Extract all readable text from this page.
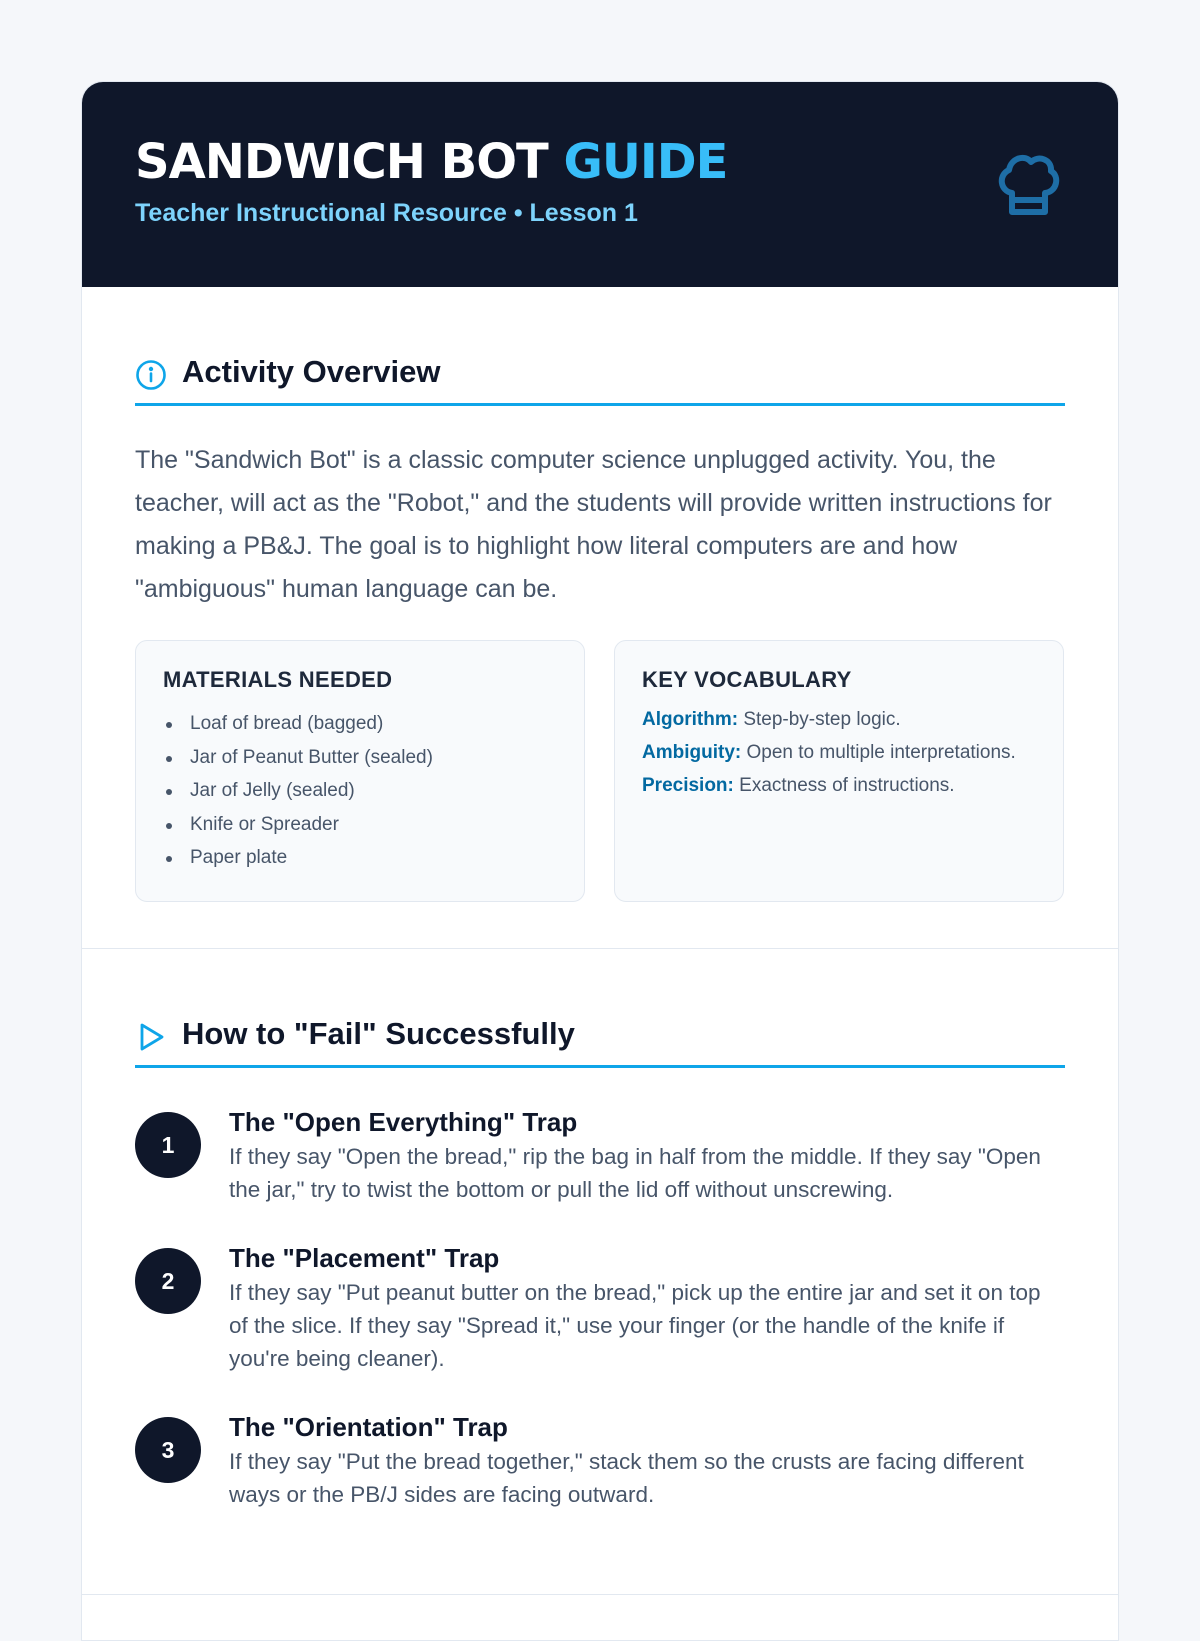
SANDWICH BOT GUIDE
Teacher Instructional Resource • Lesson 1
Activity Overview

The "Sandwich Bot" is a classic computer science unplugged activity. You, the teacher, will act as the "Robot," and the students will provide written instructions for making a PB&J. The goal is to highlight how literal computers are and how "ambiguous" human language can be.

MATERIALS NEEDED
Loaf of bread (bagged)
Jar of Peanut Butter (sealed)
Jar of Jelly (sealed)
Knife or Spreader
Paper plate
KEY VOCABULARY
Algorithm: Step-by-step logic.
Ambiguity: Open to multiple interpretations.
Precision: Exactness of instructions.
How to "Fail" Successfully
1
The "Open Everything" Trap

If they say "Open the bread," rip the bag in half from the middle. If they say "Open the jar," try to twist the bottom or pull the lid off without unscrewing.

2
The "Placement" Trap

If they say "Put peanut butter on the bread," pick up the entire jar and set it on top of the slice. If they say "Spread it," use your finger (or the handle of the knife if you're being cleaner).

3
The "Orientation" Trap

If they say "Put the bread together," stack them so the crusts are facing different ways or the PB/J sides are facing outward.
